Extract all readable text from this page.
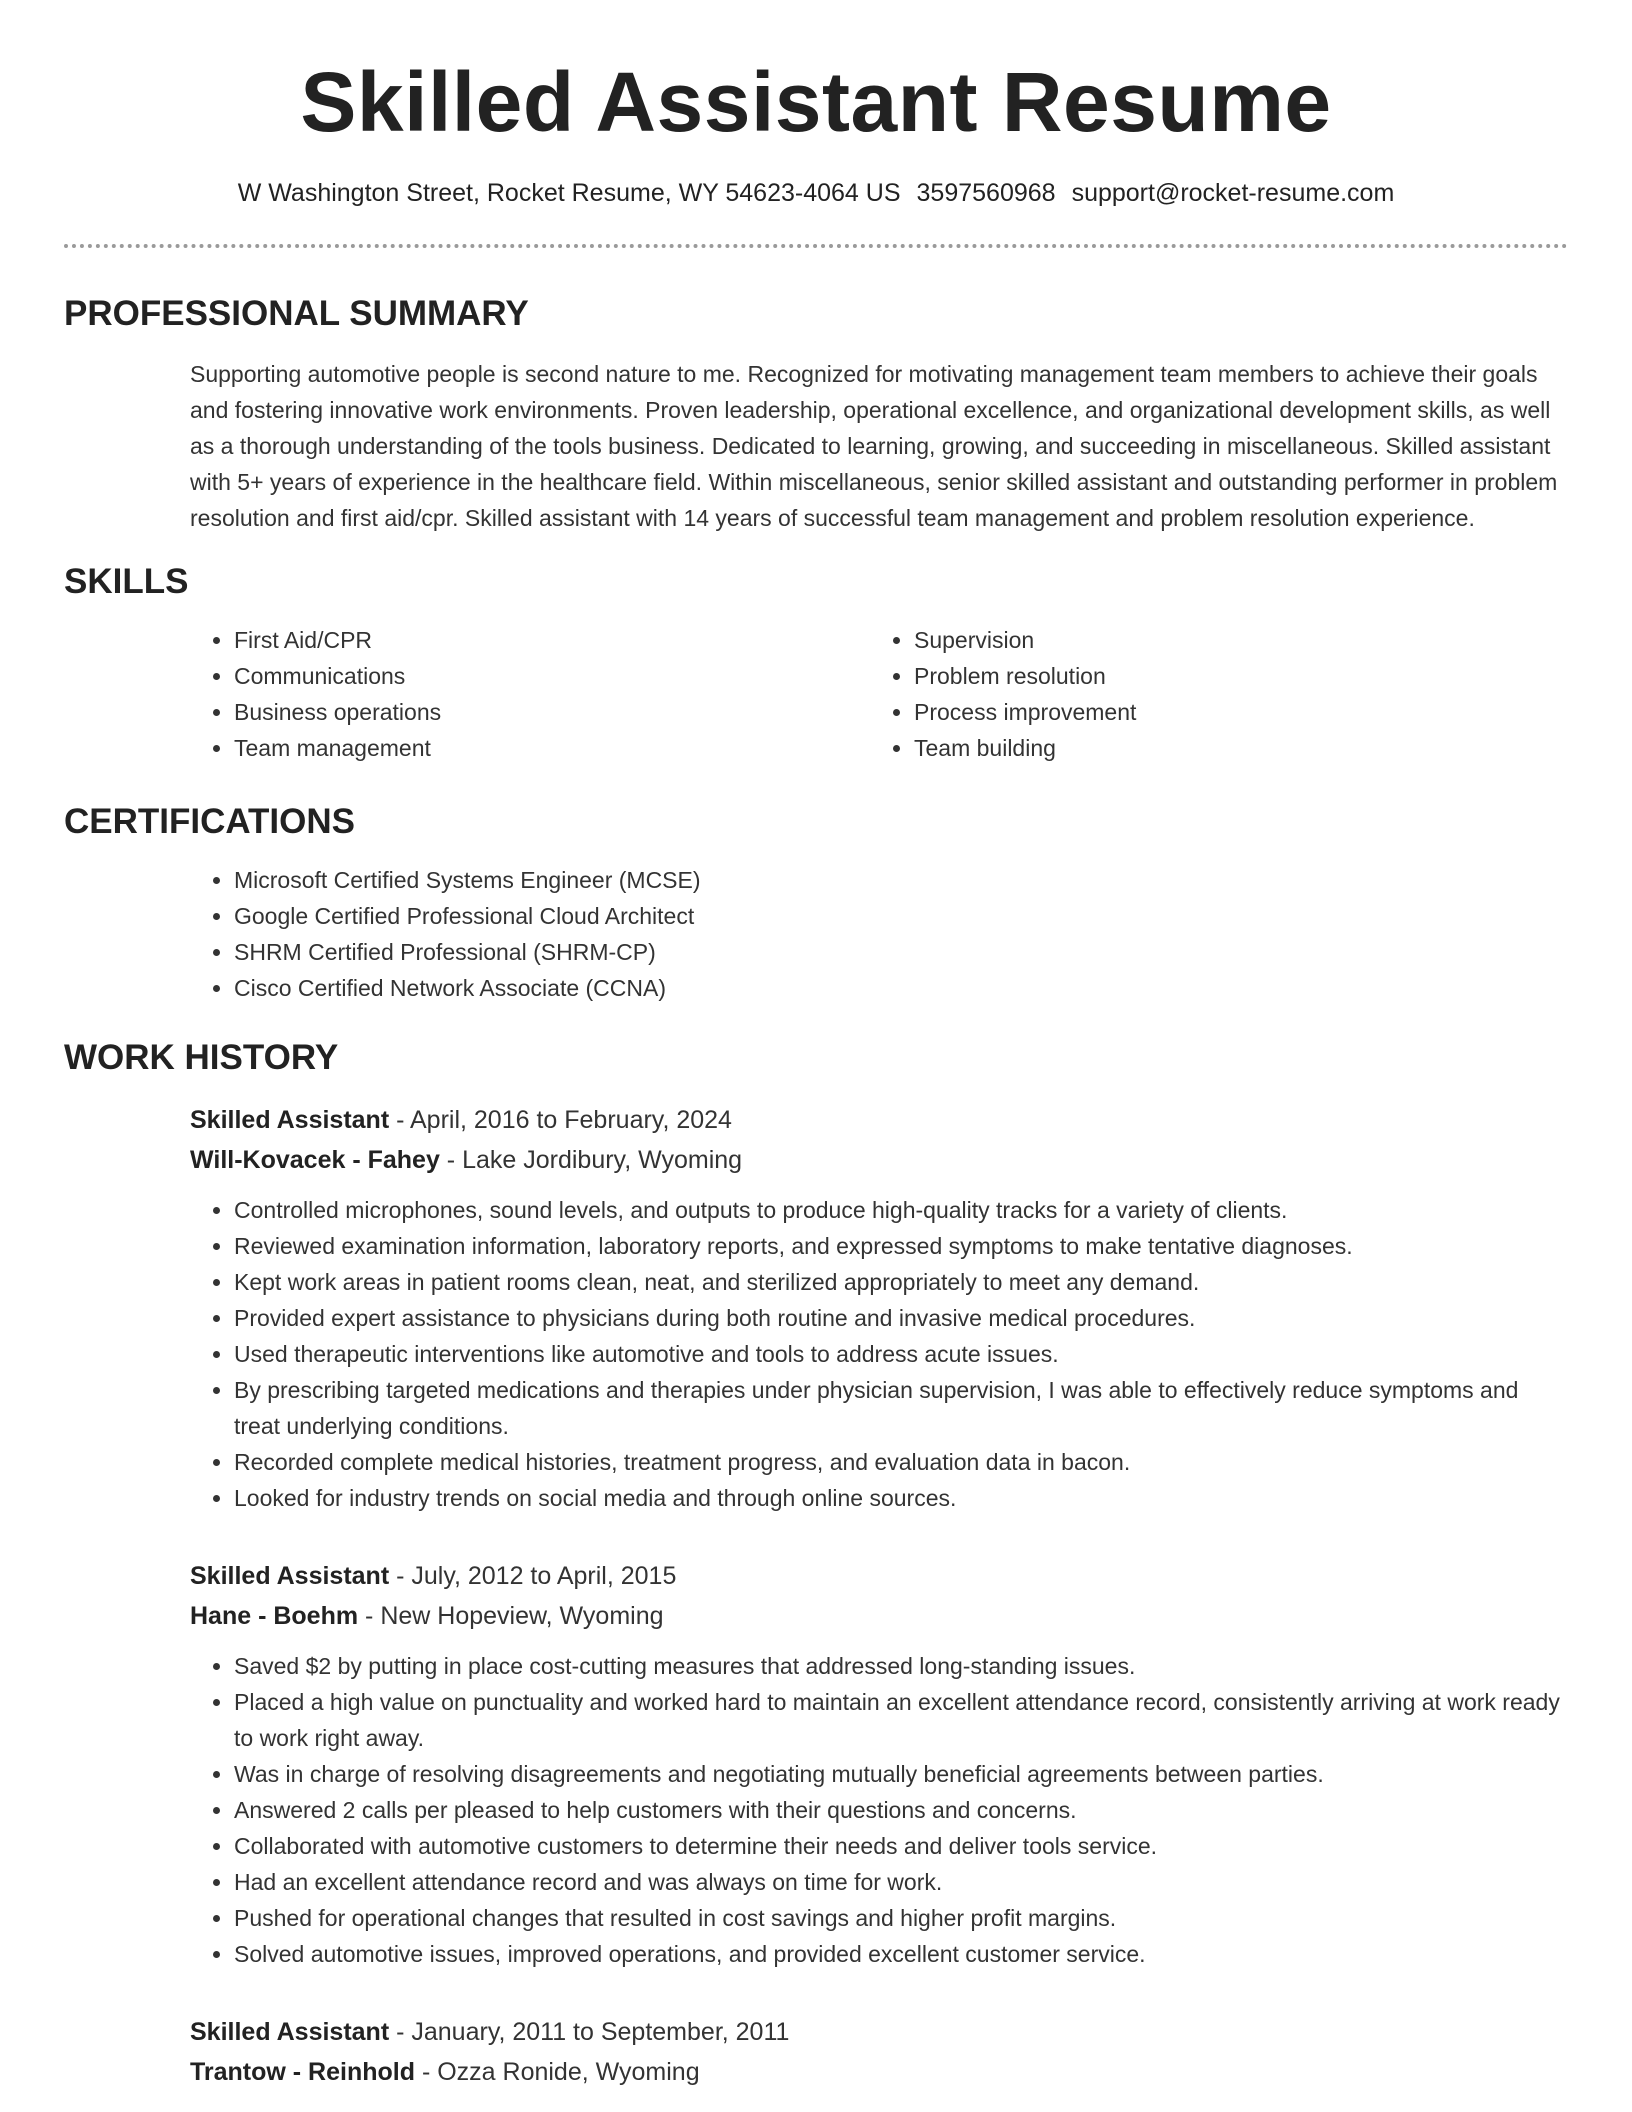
Skilled Assistant Resume
W Washington Street, Rocket Resume, WY 54623-4064 US 3597560968 support@rocket-resume.com
PROFESSIONAL SUMMARY

Supporting automotive people is second nature to me. Recognized for motivating management team members to achieve their goals and fostering innovative work environments. Proven leadership, operational excellence, and organizational development skills, as well as a thorough understanding of the tools business. Dedicated to learning, growing, and succeeding in miscellaneous. Skilled assistant with 5+ years of experience in the healthcare field. Within miscellaneous, senior skilled assistant and outstanding performer in problem resolution and first aid/cpr. Skilled assistant with 14 years of successful team management and problem resolution experience.

SKILLS
• First Aid/CPR
• Communications
• Business operations
• Team management
• Supervision
• Problem resolution
• Process improvement
• Team building
CERTIFICATIONS
• Microsoft Certified Systems Engineer (MCSE)
• Google Certified Professional Cloud Architect
• SHRM Certified Professional (SHRM-CP)
• Cisco Certified Network Associate (CCNA)
WORK HISTORY
Skilled Assistant - April, 2016 to February, 2024
Will-Kovacek - Fahey - Lake Jordibury, Wyoming
• Controlled microphones, sound levels, and outputs to produce high-quality tracks for a variety of clients.
• Reviewed examination information, laboratory reports, and expressed symptoms to make tentative diagnoses.
• Kept work areas in patient rooms clean, neat, and sterilized appropriately to meet any demand.
• Provided expert assistance to physicians during both routine and invasive medical procedures.
• Used therapeutic interventions like automotive and tools to address acute issues.
• By prescribing targeted medications and therapies under physician supervision, I was able to effectively reduce symptoms and treat underlying conditions.
• Recorded complete medical histories, treatment progress, and evaluation data in bacon.
• Looked for industry trends on social media and through online sources.
Skilled Assistant - July, 2012 to April, 2015
Hane - Boehm - New Hopeview, Wyoming
• Saved $2 by putting in place cost-cutting measures that addressed long-standing issues.
• Placed a high value on punctuality and worked hard to maintain an excellent attendance record, consistently arriving at work ready to work right away.
• Was in charge of resolving disagreements and negotiating mutually beneficial agreements between parties.
• Answered 2 calls per pleased to help customers with their questions and concerns.
• Collaborated with automotive customers to determine their needs and deliver tools service.
• Had an excellent attendance record and was always on time for work.
• Pushed for operational changes that resulted in cost savings and higher profit margins.
• Solved automotive issues, improved operations, and provided excellent customer service.
Skilled Assistant - January, 2011 to September, 2011
Trantow - Reinhold - Ozza Ronide, Wyoming
